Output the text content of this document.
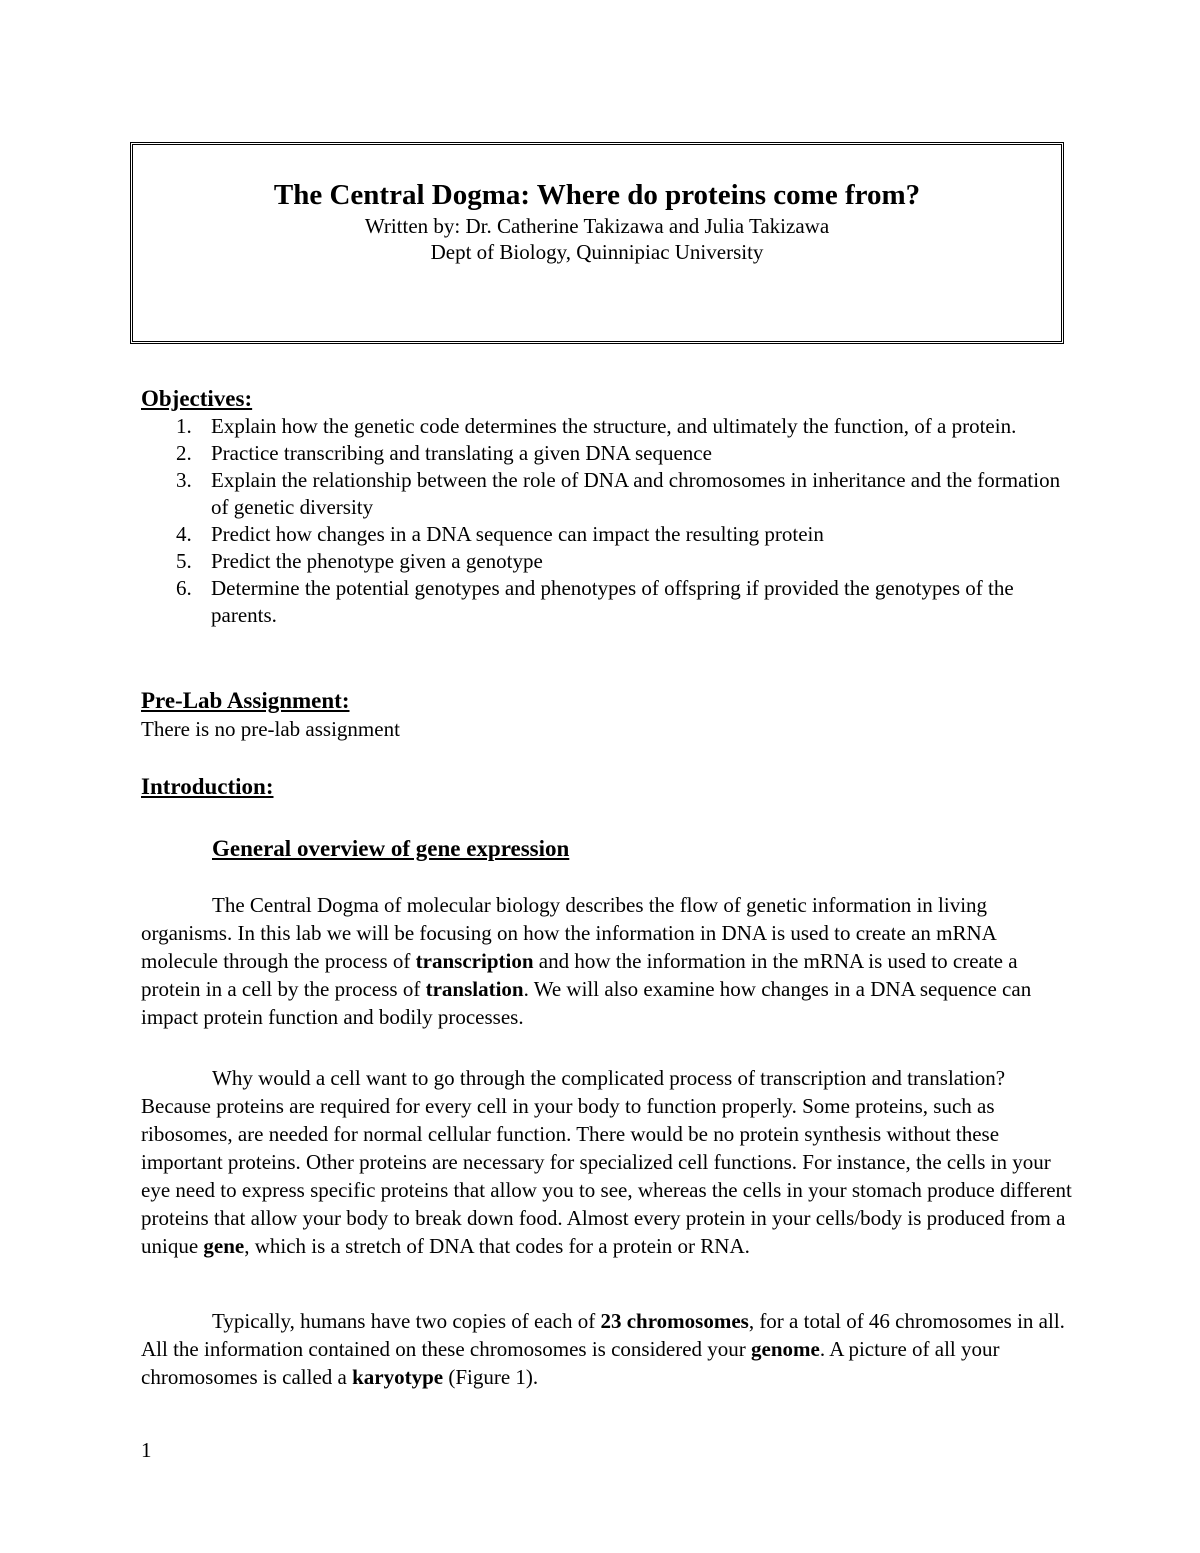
The Central Dogma: Where do proteins come from?
Written by: Dr. Catherine Takizawa and Julia Takizawa
Dept of Biology, Quinnipiac University
Objectives:
1. Explain how the genetic code determines the structure, and ultimately the function, of a protein.
2. Practice transcribing and translating a given DNA sequence
3. Explain the relationship between the role of DNA and chromosomes in inheritance and the formation of genetic diversity
4. Predict how changes in a DNA sequence can impact the resulting protein
5. Predict the phenotype given a genotype
6. Determine the potential genotypes and phenotypes of offspring if provided the genotypes of the parents.
Pre-Lab Assignment:

There is no pre-lab assignment

Introduction:
General overview of gene expression

The Central Dogma of molecular biology describes the flow of genetic information in living organisms. In this lab we will be focusing on how the information in DNA is used to create an mRNA molecule through the process of transcription and how the information in the mRNA is used to create a protein in a cell by the process of translation. We will also examine how changes in a DNA sequence can impact protein function and bodily processes.

Why would a cell want to go through the complicated process of transcription and translation? Because proteins are required for every cell in your body to function properly. Some proteins, such as ribosomes, are needed for normal cellular function. There would be no protein synthesis without these important proteins. Other proteins are necessary for specialized cell functions. For instance, the cells in your eye need to express specific proteins that allow you to see, whereas the cells in your stomach produce different proteins that allow your body to break down food. Almost every protein in your cells/body is produced from a unique gene, which is a stretch of DNA that codes for a protein or RNA.

Typically, humans have two copies of each of 23 chromosomes, for a total of 46 chromosomes in all. All the information contained on these chromosomes is considered your genome. A picture of all your chromosomes is called a karyotype (Figure 1).

1
